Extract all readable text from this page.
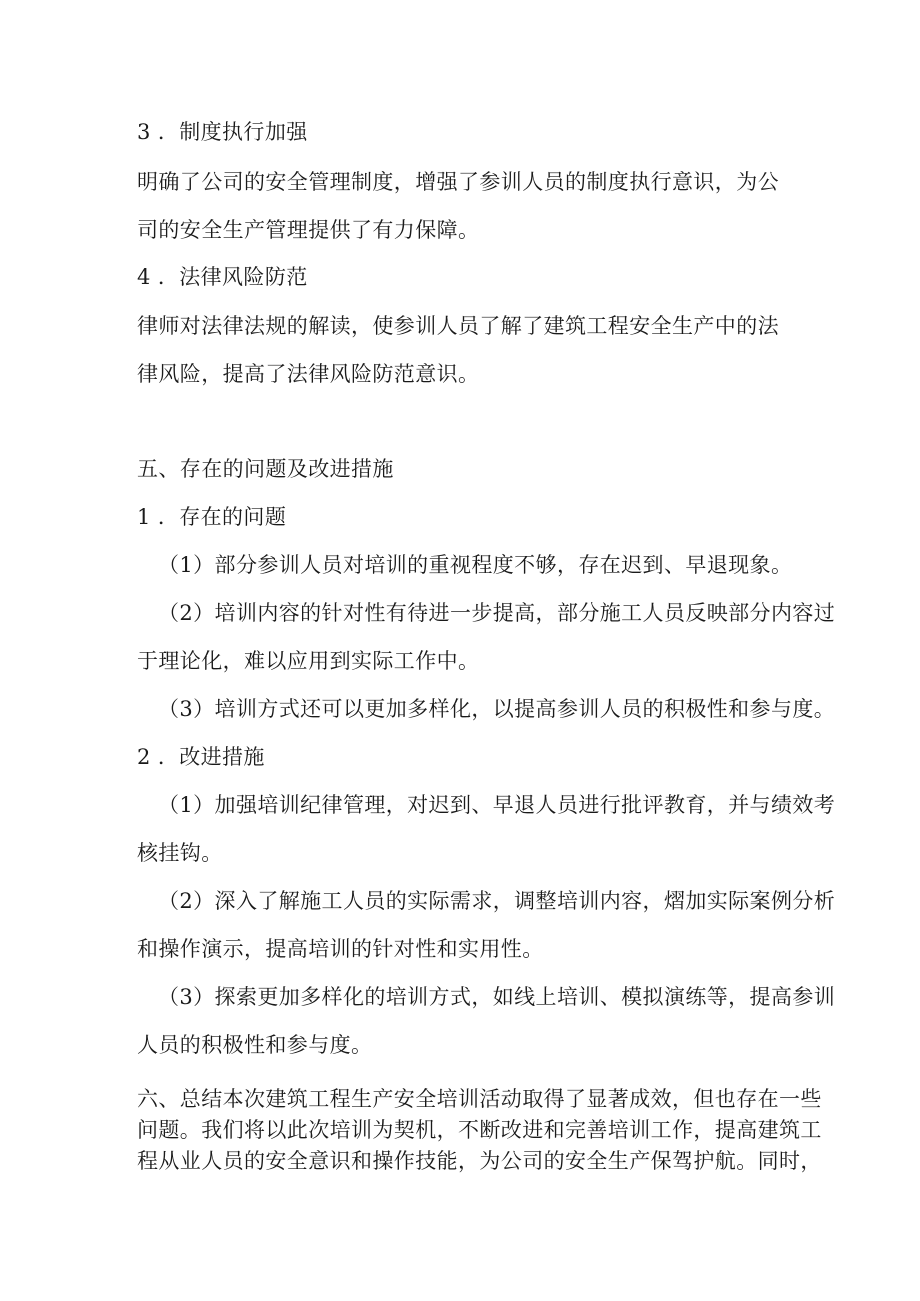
3 ．制度执行加强
明确了公司的安全管理制度，增强了参训人员的制度执行意识，为公
司的安全生产管理提供了有力保障。
4 ．法律风险防范
律师对法律法规的解读，使参训人员了解了建筑工程安全生产中的法
律风险，提高了法律风险防范意识。
五、存在的问题及改进措施
1 ．存在的问题
（1）部分参训人员对培训的重视程度不够，存在迟到、早退现象。
（2）培训内容的针对性有待进一步提高，部分施工人员反映部分内容过
于理论化，难以应用到实际工作中。
（3）培训方式还可以更加多样化，以提高参训人员的积极性和参与度。
2 ．改进措施
（1）加强培训纪律管理，对迟到、早退人员进行批评教育，并与绩效考
核挂钩。
（2）深入了解施工人员的实际需求，调整培训内容，熠加实际案例分析
和操作演示，提高培训的针对性和实用性。
（3）探索更加多样化的培训方式，如线上培训、模拟演练等，提高参训
人员的积极性和参与度。
六、总结本次建筑工程生产安全培训活动取得了显著成效，但也存在一些
问题。我们将以此次培训为契机，不断改进和完善培训工作，提高建筑工
程从业人员的安全意识和操作技能，为公司的安全生产保驾护航。同时，
